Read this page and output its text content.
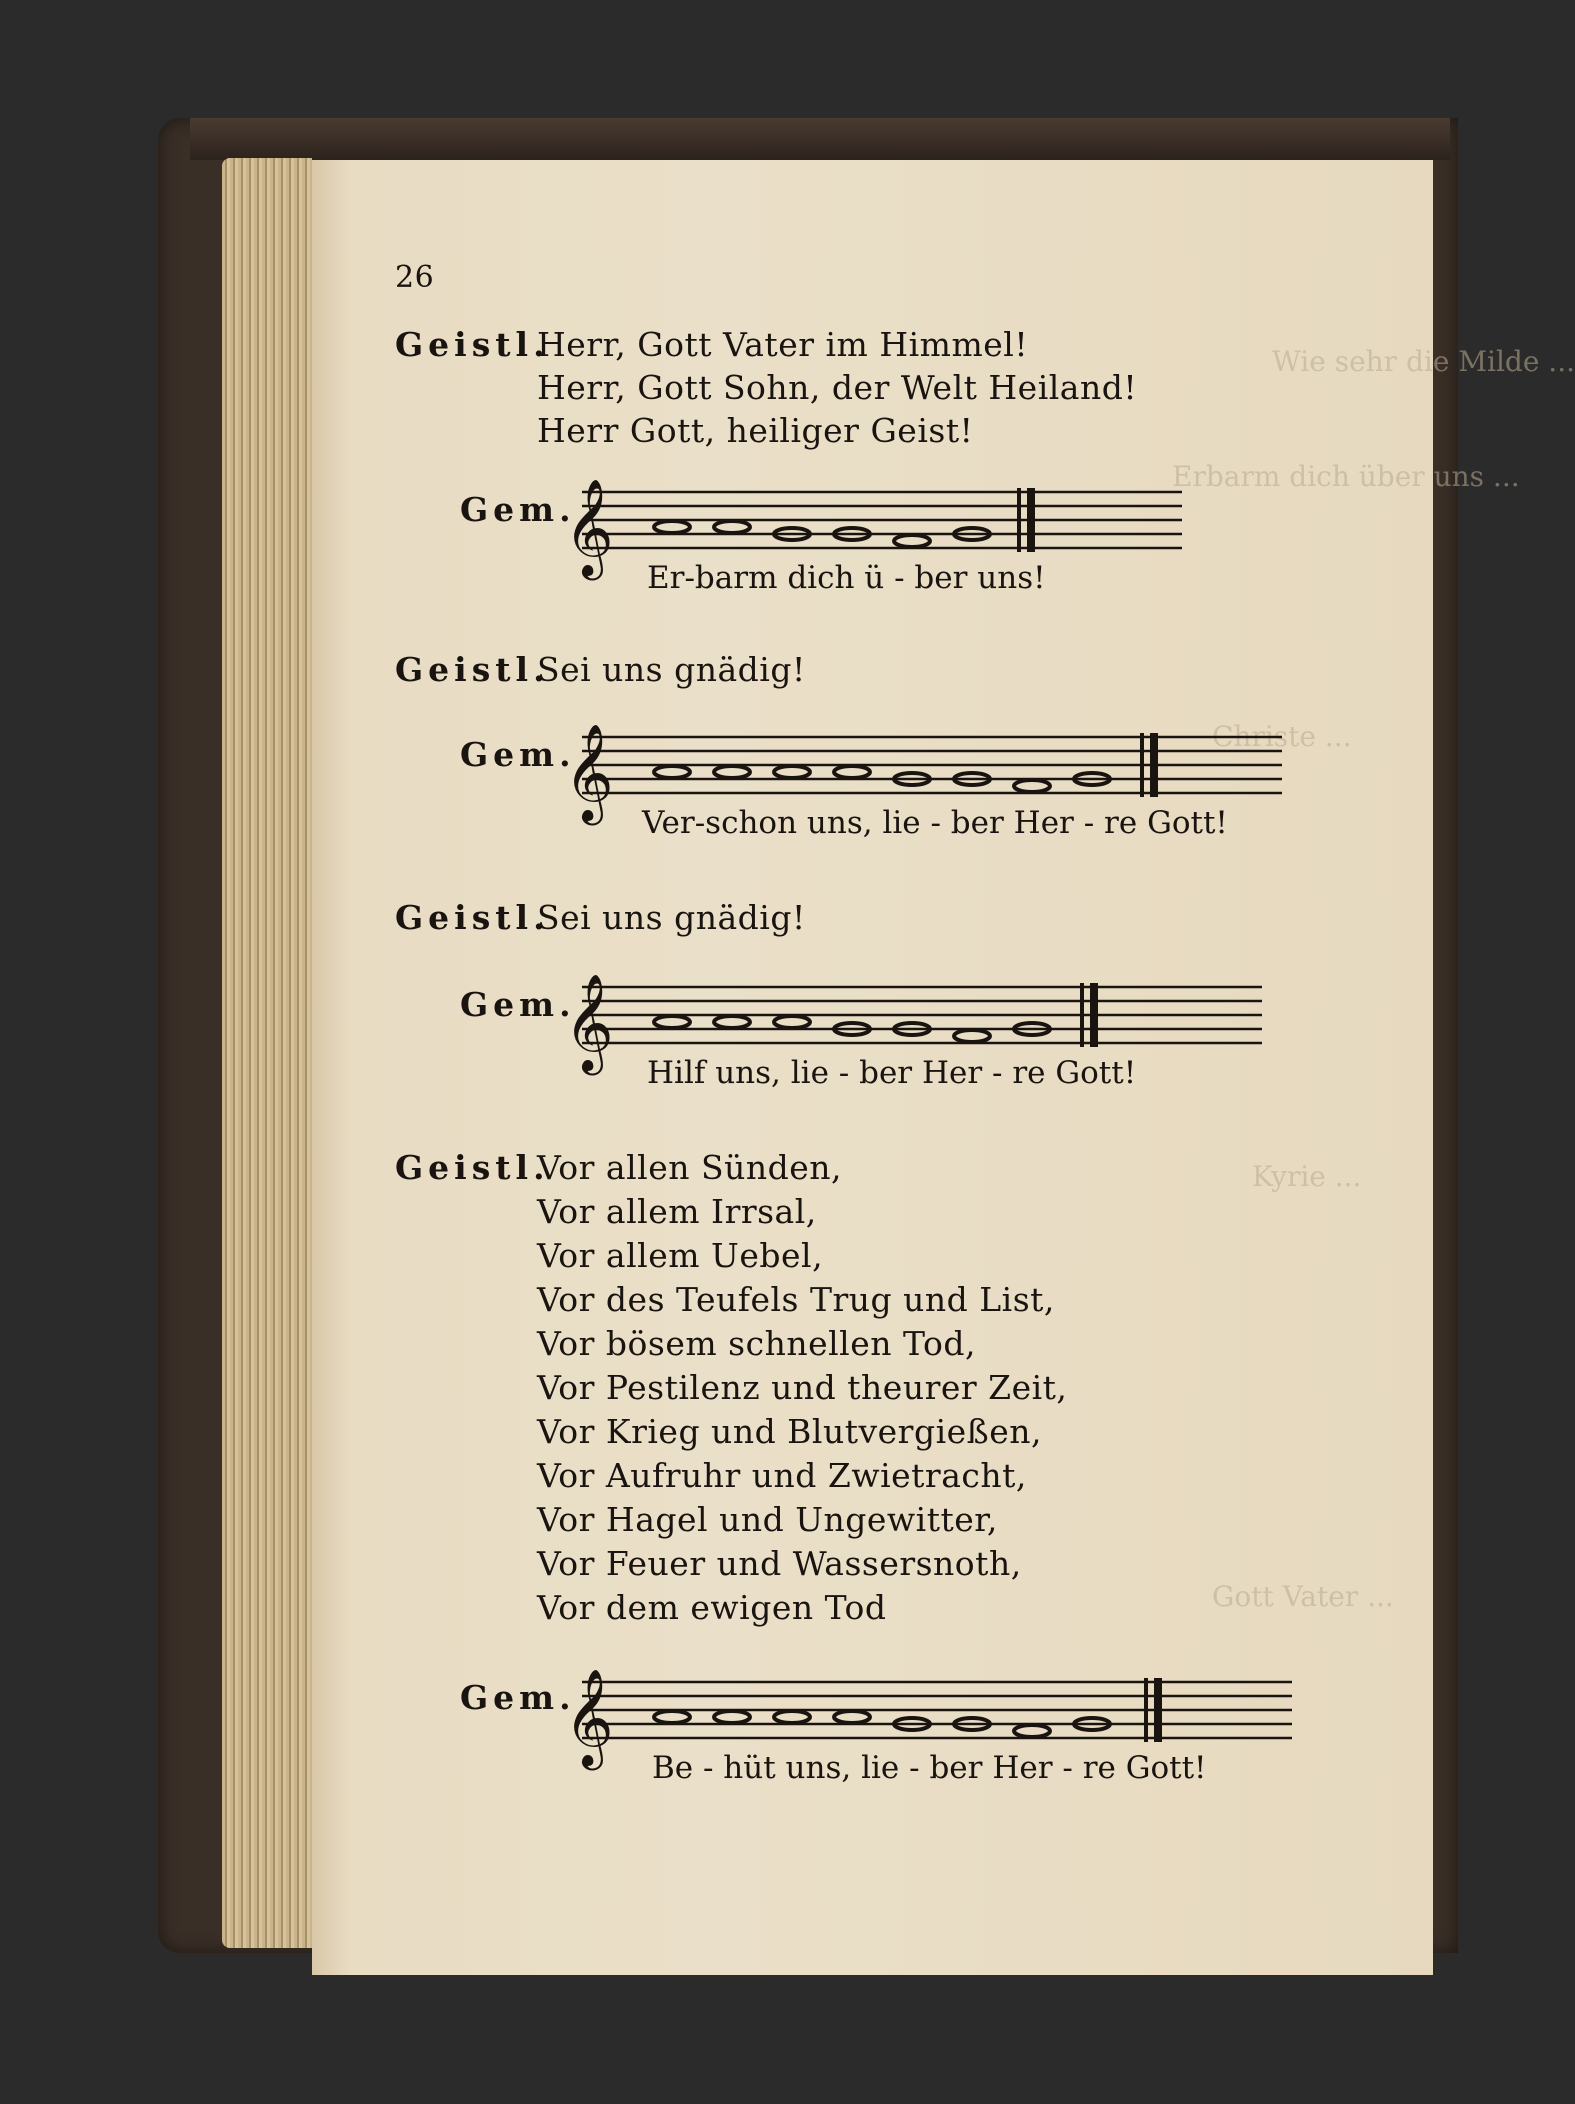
Wie sehr die Milde ...
Erbarm dich über uns ...
Christe ...
Kyrie ...
Gott Vater ...
26
Geistl.
Herr, Gott Vater im Himmel!
Herr, Gott Sohn, der Welt Heiland!
Herr Gott, heiliger Geist!
Gem.
𝄞
Er-barm dich ü - ber uns!
Geistl.
Sei uns gnädig!
Gem.
𝄞
Ver-schon uns, lie - ber Her - re Gott!
Geistl.
Sei uns gnädig!
Gem.
𝄞
Hilf uns, lie - ber Her - re Gott!
Geistl.
Vor allen Sünden,
Vor allem Irrsal,
Vor allem Uebel,
Vor des Teufels Trug und List,
Vor bösem schnellen Tod,
Vor Pestilenz und theurer Zeit,
Vor Krieg und Blutvergießen,
Vor Aufruhr und Zwietracht,
Vor Hagel und Ungewitter,
Vor Feuer und Wassersnoth,
Vor dem ewigen Tod
Gem.
𝄞
Be - hüt uns, lie - ber Her - re Gott!
